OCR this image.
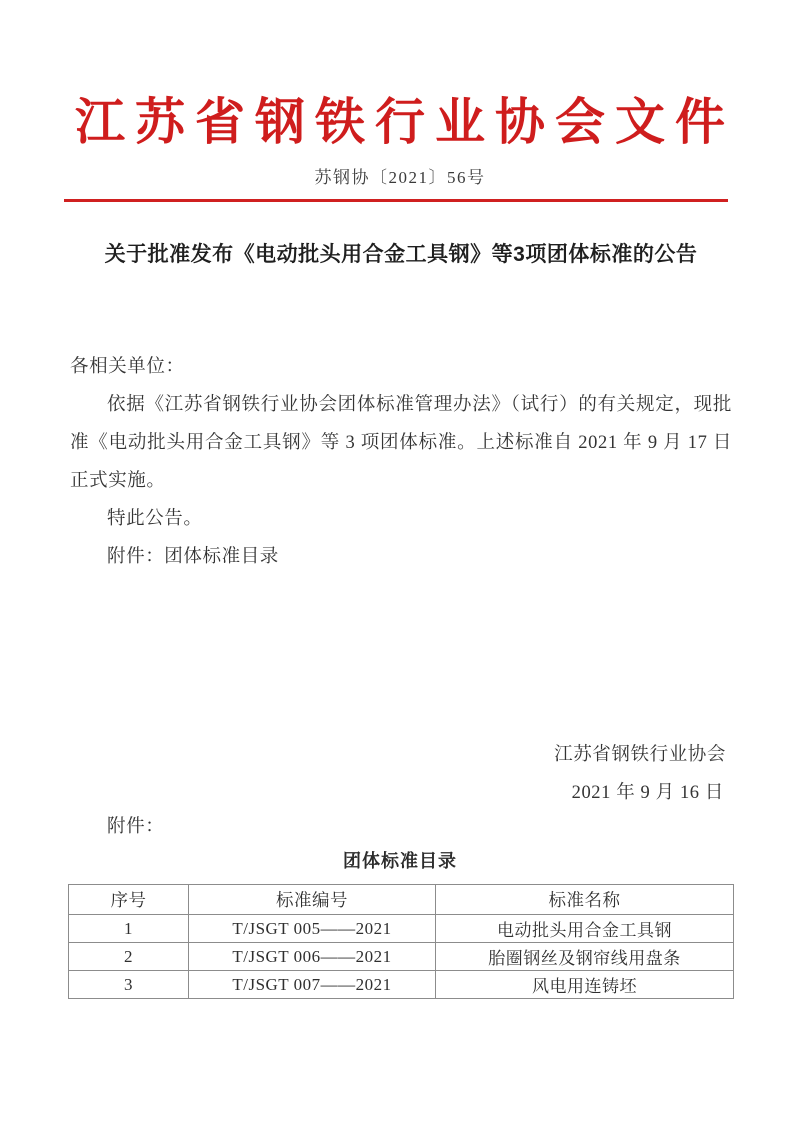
江苏省钢铁行业协会文件
苏钢协〔2021〕56号
关于批准发布《电动批头用合金工具钢》等3项团体标准的公告
各相关单位：
依据《江苏省钢铁行业协会团体标准管理办法》（试行）的有关规定，现批准《电动批头用合金工具钢》等 3 项团体标准。上述标准自 2021 年 9 月 17 日正式实施。
特此公告。
附件：团体标准目录
江苏省钢铁行业协会
2021 年 9 月 16 日
附件：
团体标准目录
序号	标准编号	标准名称
1	T/JSGT 005——2021	电动批头用合金工具钢
2	T/JSGT 006——2021	胎圈钢丝及钢帘线用盘条
3	T/JSGT 007——2021	风电用连铸坯
